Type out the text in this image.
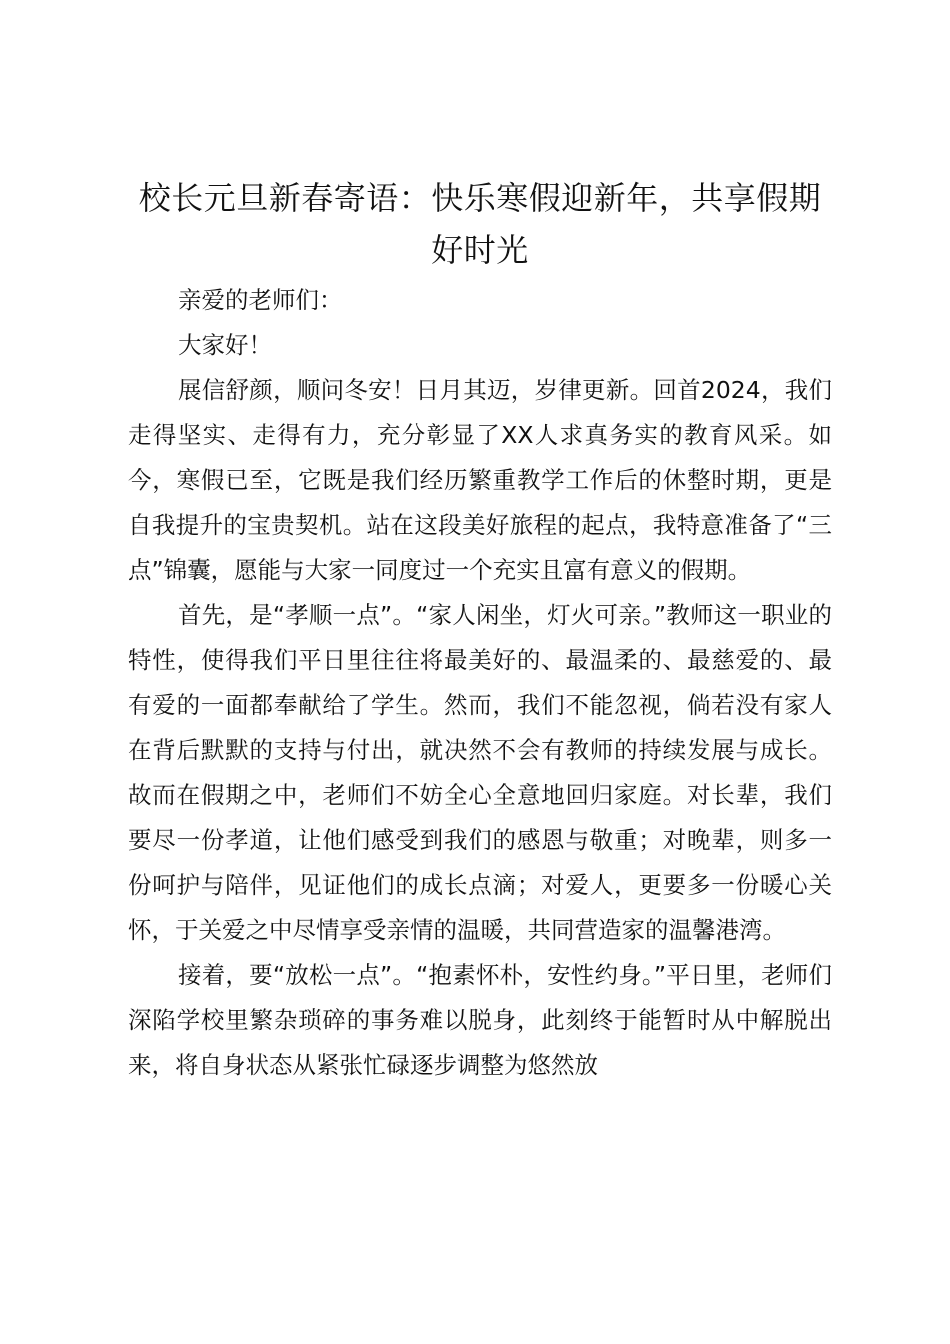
校长元旦新春寄语：快乐寒假迎新年，共享假期好时光

亲爱的老师们：

大家好！

展信舒颜，顺问冬安！日月其迈，岁律更新。回首2024，我们走得坚实、走得有力，充分彰显了XX人求真务实的教育风采。如今，寒假已至，它既是我们经历繁重教学工作后的休整时期，更是自我提升的宝贵契机。站在这段美好旅程的起点，我特意准备了“三点”锦囊，愿能与大家一同度过一个充实且富有意义的假期。

首先，是“孝顺一点”。“家人闲坐，灯火可亲。”教师这一职业的特性，使得我们平日里往往将最美好的、最温柔的、最慈爱的、最有爱的一面都奉献给了学生。然而，我们不能忽视，倘若没有家人在背后默默的支持与付出，就决然不会有教师的持续发展与成长。故而在假期之中，老师们不妨全心全意地回归家庭。对长辈，我们要尽一份孝道，让他们感受到我们的感恩与敬重；对晚辈，则多一份呵护与陪伴，见证他们的成长点滴；对爱人，更要多一份暖心关怀，于关爱之中尽情享受亲情的温暖，共同营造家的温馨港湾。

接着，要“放松一点”。“抱素怀朴，安性约身。”平日里，老师们深陷学校里繁杂琐碎的事务难以脱身，此刻终于能暂时从中解脱出来，将自身状态从紧张忙碌逐步调整为悠然放
